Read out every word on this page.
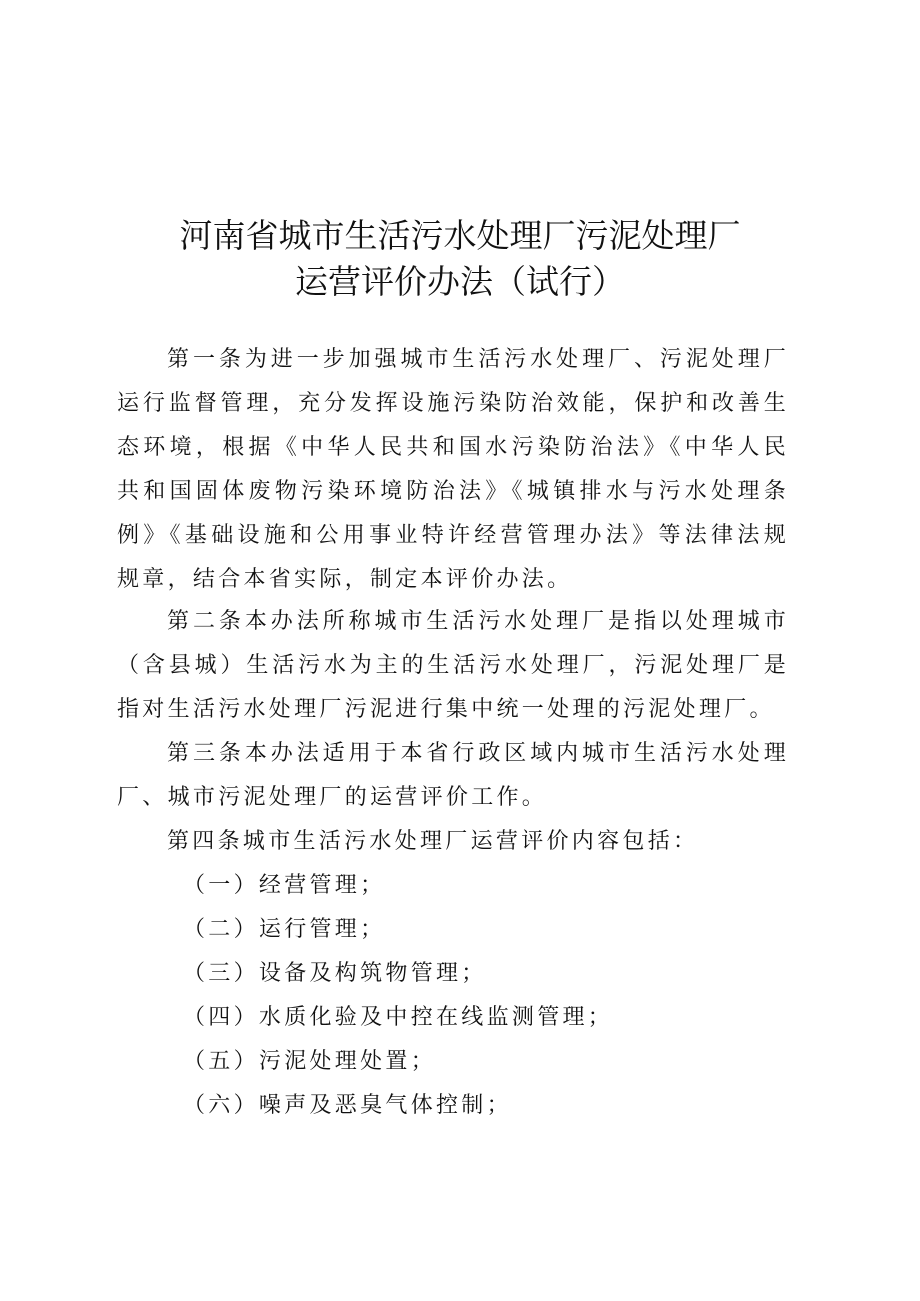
河南省城市生活污水处理厂污泥处理厂
运营评价办法（试行）

第一条为进一步加强城市生活污水处理厂、污泥处理厂运行监督管理，充分发挥设施污染防治效能，保护和改善生态环境，根据《中华人民共和国水污染防治法》《中华人民共和国固体废物污染环境防治法》《城镇排水与污水处理条例》《基础设施和公用事业特许经营管理办法》等法律法规规章，结合本省实际，制定本评价办法。

第二条本办法所称城市生活污水处理厂是指以处理城市（含县城）生活污水为主的生活污水处理厂，污泥处理厂是指对生活污水处理厂污泥进行集中统一处理的污泥处理厂。

第三条本办法适用于本省行政区域内城市生活污水处理厂、城市污泥处理厂的运营评价工作。

第四条城市生活污水处理厂运营评价内容包括：

（一）经营管理；
（二）运行管理；
（三）设备及构筑物管理；
（四）水质化验及中控在线监测管理；
（五）污泥处理处置；
（六）噪声及恶臭气体控制；
